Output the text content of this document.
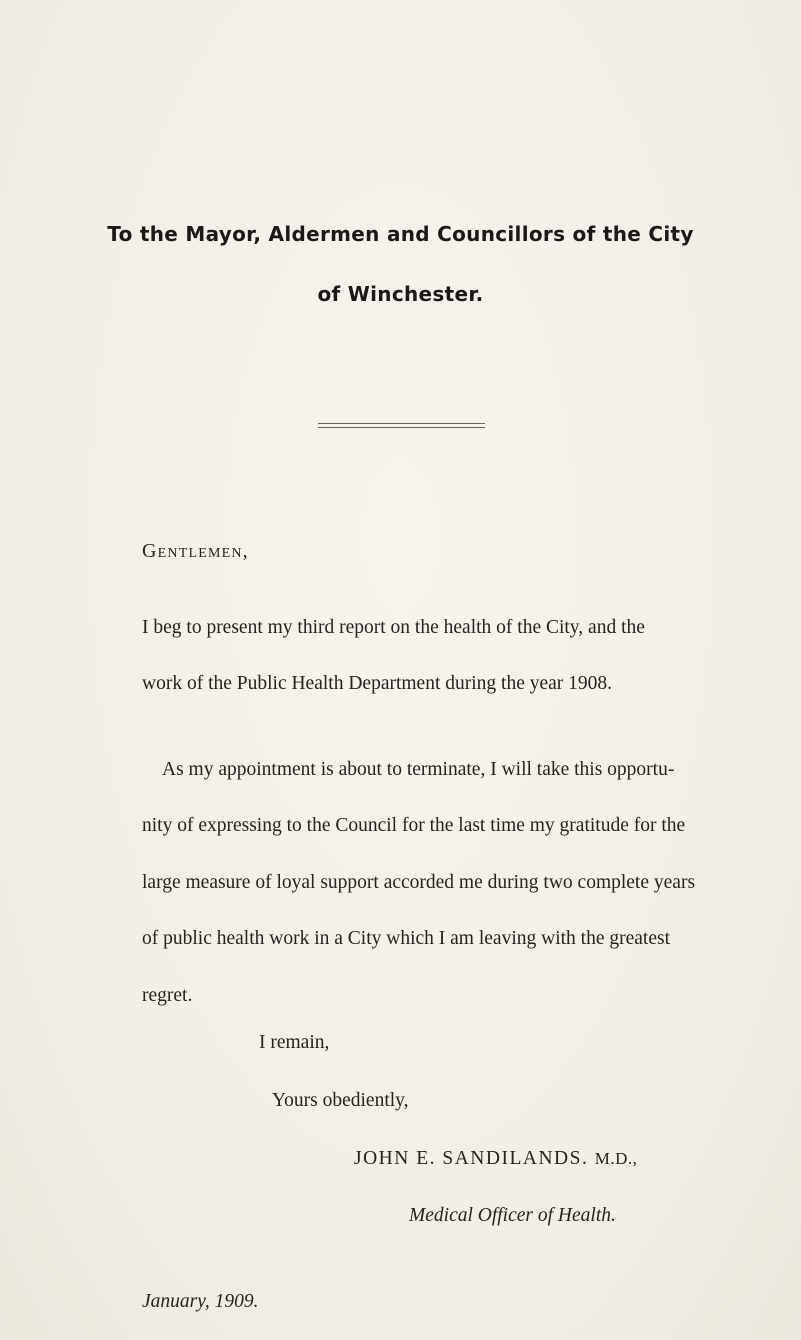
To the Mayor, Aldermen and Councillors of the City
of Winchester.
Gentlemen,
I beg to present my third report on the health of the City, and the
work of the Public Health Department during the year 1908.
As my appointment is about to terminate, I will take this opportu-
nity of expressing to the Council for the last time my gratitude for the
large measure of loyal support accorded me during two complete years
of public health work in a City which I am leaving with the greatest
regret.
I remain,
Yours obediently,
JOHN E. SANDILANDS. M.D.,
Medical Officer of Health.
January, 1909.
